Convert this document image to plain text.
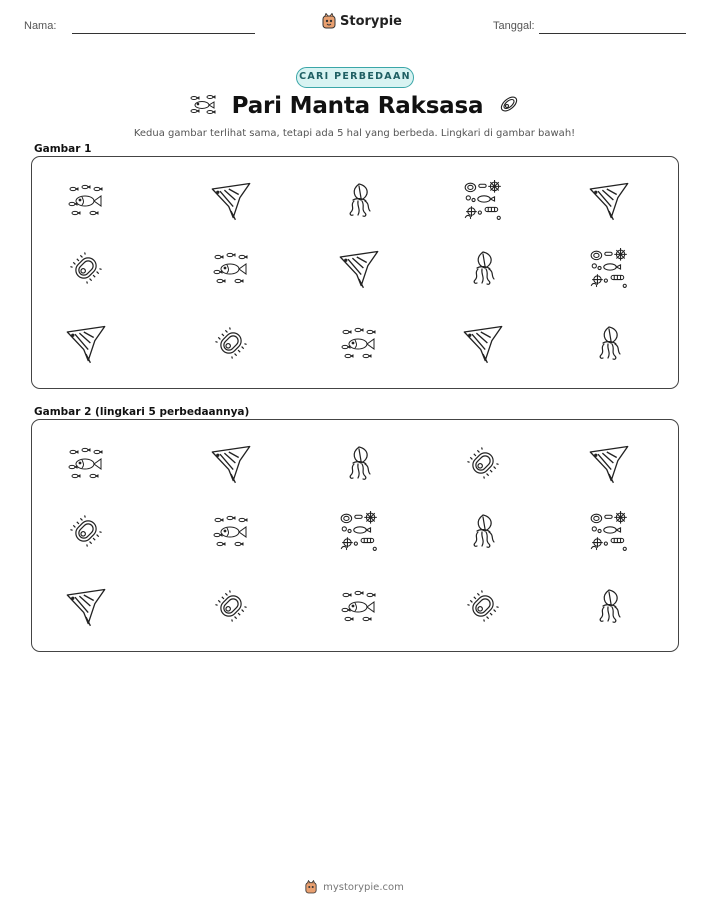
Nama:	Storypie	Tanggal:
CARI PERBEDAAN
Pari Manta Raksasa
Kedua gambar terlihat sama, tetapi ada 5 hal yang berbeda. Lingkari di gambar bawah!
Gambar 1
Gambar 2 (lingkari 5 perbedaannya)
mystorypie.com
